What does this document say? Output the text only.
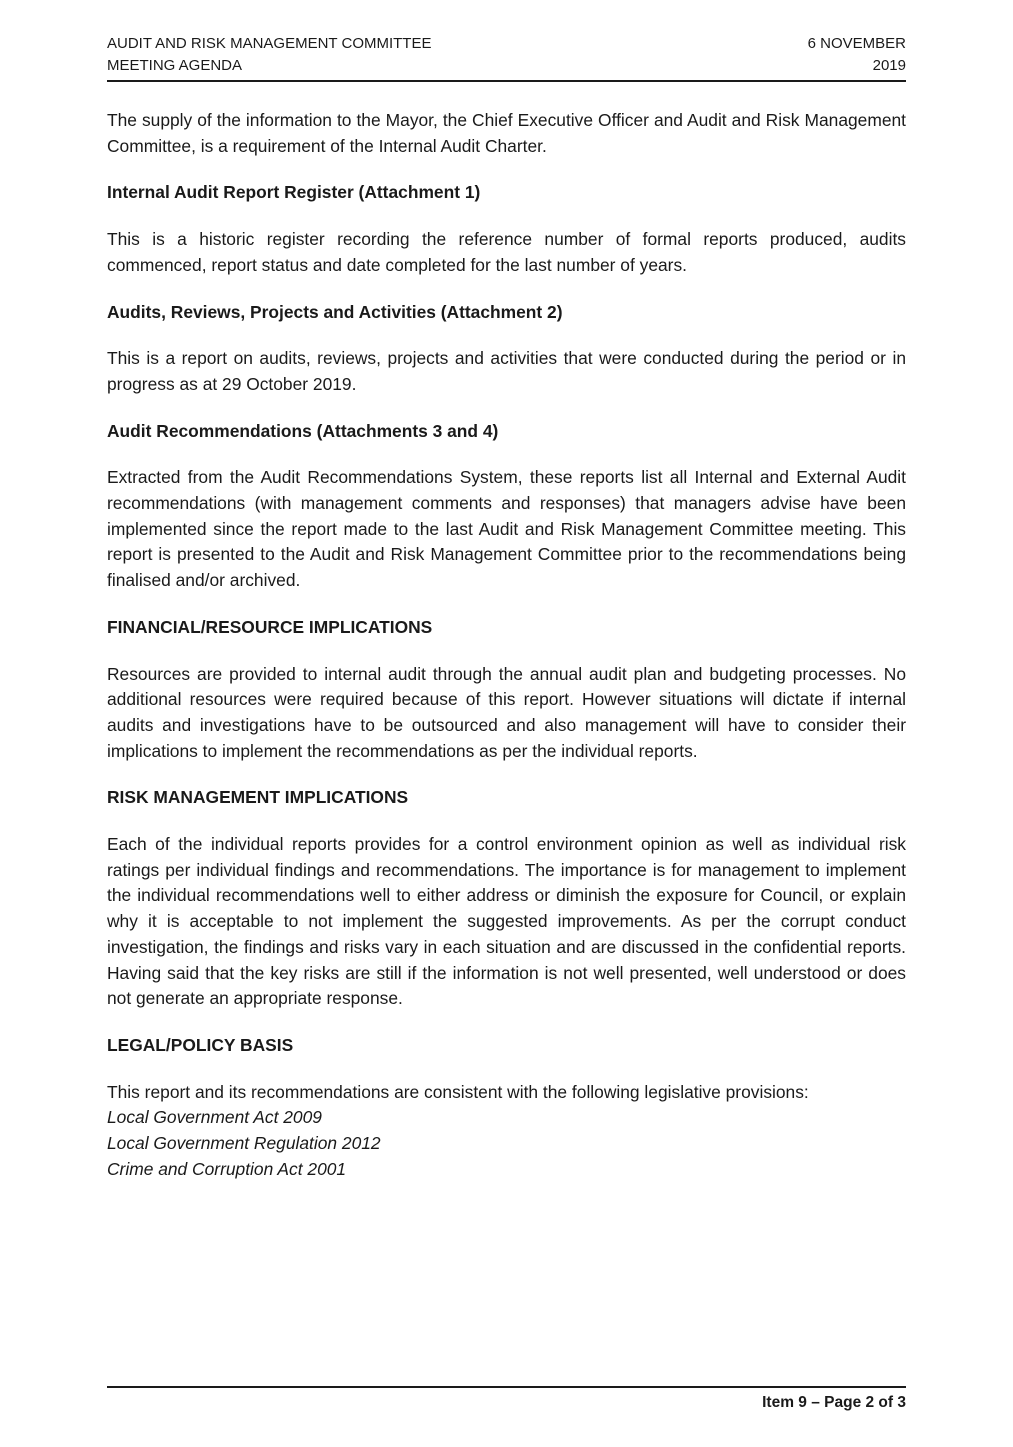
AUDIT AND RISK MANAGEMENT COMMITTEE
MEETING AGENDA
6 NOVEMBER
2019

The supply of the information to the Mayor, the Chief Executive Officer and Audit and Risk Management Committee, is a requirement of the Internal Audit Charter.

Internal Audit Report Register (Attachment 1)

This is a historic register recording the reference number of formal reports produced, audits commenced, report status and date completed for the last number of years.

Audits, Reviews, Projects and Activities (Attachment 2)

This is a report on audits, reviews, projects and activities that were conducted during the period or in progress as at 29 October 2019.

Audit Recommendations (Attachments 3 and 4)

Extracted from the Audit Recommendations System, these reports list all Internal and External Audit recommendations (with management comments and responses) that managers advise have been implemented since the report made to the last Audit and Risk Management Committee meeting. This report is presented to the Audit and Risk Management Committee prior to the recommendations being finalised and/or archived.

FINANCIAL/RESOURCE IMPLICATIONS

Resources are provided to internal audit through the annual audit plan and budgeting processes. No additional resources were required because of this report. However situations will dictate if internal audits and investigations have to be outsourced and also management will have to consider their implications to implement the recommendations as per the individual reports.

RISK MANAGEMENT IMPLICATIONS

Each of the individual reports provides for a control environment opinion as well as individual risk ratings per individual findings and recommendations. The importance is for management to implement the individual recommendations well to either address or diminish the exposure for Council, or explain why it is acceptable to not implement the suggested improvements. As per the corrupt conduct investigation, the findings and risks vary in each situation and are discussed in the confidential reports. Having said that the key risks are still if the information is not well presented, well understood or does not generate an appropriate response.

LEGAL/POLICY BASIS

This report and its recommendations are consistent with the following legislative provisions:

Local Government Act 2009
Local Government Regulation 2012
Crime and Corruption Act 2001
Item 9 – Page 2 of 3
